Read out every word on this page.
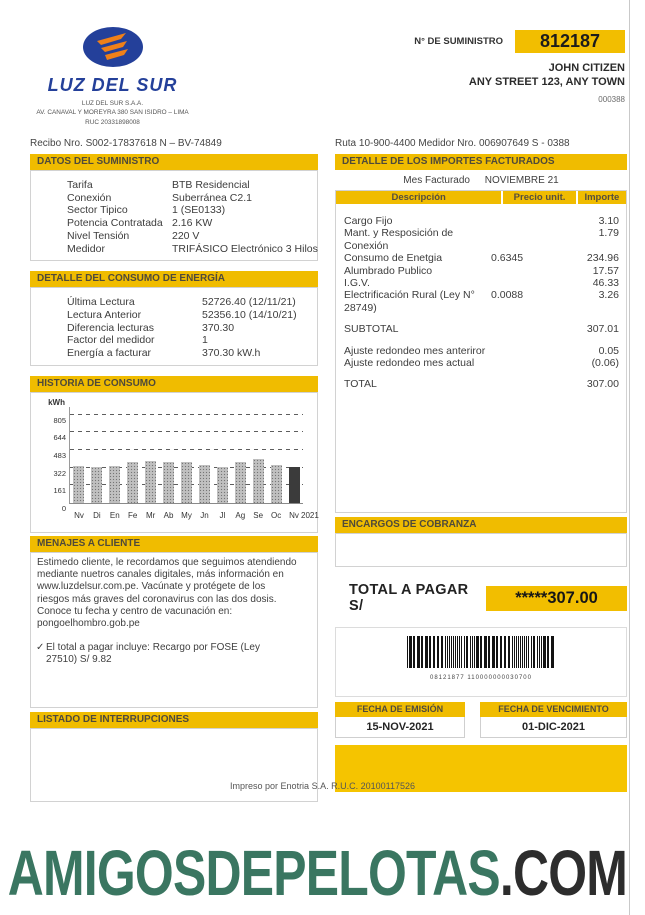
LUZ DEL SUR
LUZ DEL SUR S.A.A.
AV. CANAVAL Y MOREYRA 380 SAN ISIDRO – LIMA
RUC 20331898008
N° DE SUMINISTRO	812187
JOHN CITIZEN
ANY STREET 123, ANY TOWN
000388
Recibo Nro. S002-17837618 N – BV-74849
DATOS DEL SUMINISTRO
Tarifa	BTB Residencial
Conexión	Suberránea C2.1
Sector Tipico	1 (SE0133)
Potencia Contratada 2.16 KW
Nivel Tensión	220 V
Medidor	TRIFÁSICO Electrónico 3 Hilos
DETALLE DEL CONSUMO DE ENERGÍA
Última Lectura	52726.40 (12/11/21)
Lectura Anterior	52356.10 (14/10/21)
Diferencia lecturas	370.30
Factor del medidor	1
Energía a facturar	370.30 kW.h
HISTORIA DE CONSUMO
kWh
0
161
322
483
644
805
Nv	Di	En	Fe	Mr	Ab My	Jn	Jl	Ag	Se Oc Nv 2021
MENAJES A CLIENTE
Estimedo cliente, le recordamos que seguimos atendiendo
mediante nuetros canales digitales, más información en
www.luzdelsur.com.pe. Vacúnate y protégete de los
riesgos más graves del coronavirus con las dos dosis.
Conoce tu fecha y centro de vacunación en:
pongoelhombro.gob.pe
✓ El total a pagar incluye: Recargo por FOSE (Ley 27510) S/ 9.82
LISTADO DE INTERRUPCIONES
Ruta 10-900-4400 Medidor Nro. 006907649 S - 0388
DETALLE DE LOS IMPORTES FACTURADOS
Mes Facturado NOVIEMBRE 21
Descripción	Precio unit.	Importe
Cargo Fijo	3.10
Mant. y Resposición de Conexión
1.79
Consumo de Enetgia	0.6345	234.96
Alumbrado Publico	17.57
I.G.V.	46.33
Electrificación Rural (Ley N° 28749)
0.0088	3.26
SUBTOTAL	307.01
Ajuste redondeo mes anteriror	0.05
Ajuste redondeo mes actual	(0.06)
TOTAL	307.00
ENCARGOS DE COBRANZA
TOTAL A PAGAR S/	*****307.00
08121877 110000000030700
FECHA DE EMISIÓN
15-NOV-2021
FECHA DE VENCIMIENTO
01-DIC-2021
Impreso por Enotria S.A. R.U.C. 20100117526
AMIGOSDEPELOTAS.COM
